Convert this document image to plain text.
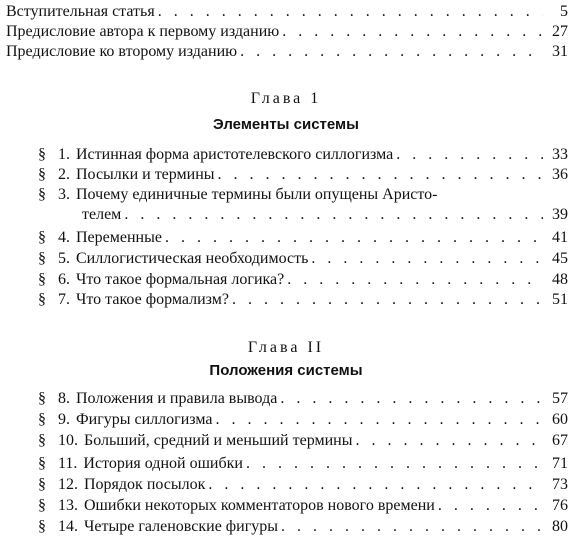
Вступительная статья . . .	5
Предисловие автора к первому изданию . . .	27
Предисловие ко второму изданию . . .	31
Глава 1
Элементы системы
§ 1. Истинная форма аристотелевского силлогизма . . .	33
§ 2. Посылки и термины . . .	36
§ 3. Почему единичные термины были опущены Аристо-
телем . . .	39
§ 4. Переменные . . .	41
§ 5. Силлогистическая необходимость . . .	45
§ 6. Что такое формальная логика? . . .	48
§ 7. Что такое формализм? . . .	51
Глава II
Положения системы
§ 8. Положения и правила вывода . . .	57
§ 9. Фигуры силлогизма . . .	60
§ 10. Больший, средний и меньший термины . . .	67
§ 11. История одной ошибки . . .	71
§ 12. Порядок посылок . . .	73
§ 13. Ошибки некоторых комментаторов нового времени . . .	76
§ 14. Четыре галеновские фигуры . . .	80
